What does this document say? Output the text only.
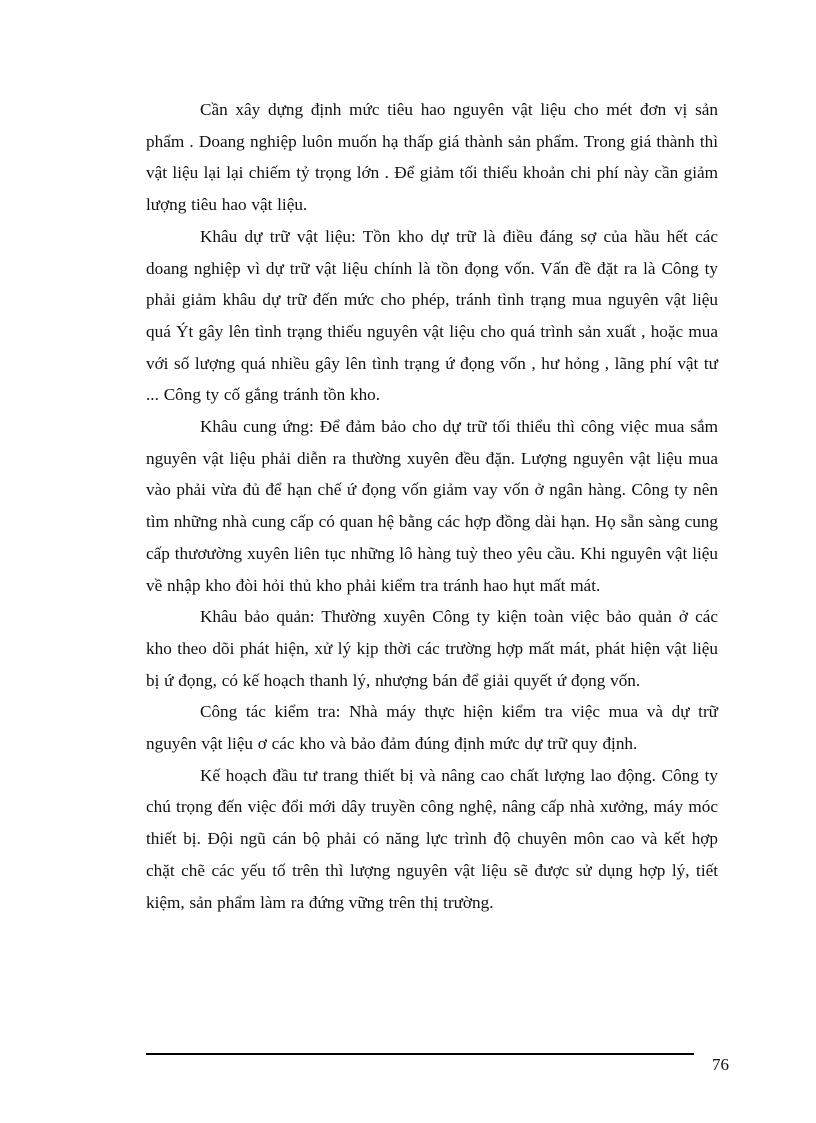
Cần xây dựng định mức tiêu hao nguyên vật liệu cho mét đơn vị sản phẩm . Doang nghiệp luôn muốn hạ thấp giá thành sản phẩm. Trong giá thành thì vật liệu lại lại chiếm tỷ trọng lớn . Để giảm tối thiểu khoản chi phí này cần giảm lượng tiêu hao vật liệu.

Khâu dự trữ vật liệu: Tồn kho dự trữ là điều đáng sợ của hầu hết các doang nghiệp vì dự trữ vật liệu chính là tồn đọng vốn. Vấn đề đặt ra là Công ty phải giảm khâu dự trữ đến mức cho phép, tránh tình trạng mua nguyên vật liệu quá Ýt gây lên tình trạng thiếu nguyên vật liệu cho quá trình sản xuất , hoặc mua với số lượng quá nhiều gây lên tình trạng ứ đọng vốn , hư hỏng , lãng phí vật tư ... Công ty cố gắng tránh tồn kho.

Khâu cung ứng: Để đảm bảo cho dự trữ tối thiểu thì công việc mua sắm nguyên vật liệu phải diễn ra thường xuyên đều đặn. Lượng nguyên vật liệu mua vào phải vừa đủ để hạn chế ứ đọng vốn giảm vay vốn ở ngân hàng. Công ty nên tìm những nhà cung cấp có quan hệ bằng các hợp đồng dài hạn. Họ sẵn sàng cung cấp thươường xuyên liên tục những lô hàng tuỳ theo yêu cầu. Khi nguyên vật liệu về nhập kho đòi hỏi thủ kho phải kiểm tra tránh hao hụt mất mát.

Khâu bảo quản: Thường xuyên Công ty kiện toàn việc bảo quản ở các kho theo dõi phát hiện, xử lý kịp thời các trường hợp mất mát, phát hiện vật liệu bị ứ đọng, có kế hoạch thanh lý, nhượng bán để giải quyết ứ đọng vốn.

Công tác kiểm tra: Nhà máy thực hiện kiểm tra việc mua và dự trữ nguyên vật liệu ơ các kho và bảo đảm đúng định mức dự trữ quy định.

Kế hoạch đầu tư trang thiết bị và nâng cao chất lượng lao động. Công ty chú trọng đến việc đổi mới dây truyền công nghệ, nâng cấp nhà xưởng, máy móc thiết bị. Đội ngũ cán bộ phải có năng lực trình độ chuyên môn cao và kết hợp chặt chẽ các yếu tố trên thì lượng nguyên vật liệu sẽ được sử dụng hợp lý, tiết kiệm, sản phẩm làm ra đứng vững trên thị trường.

76
